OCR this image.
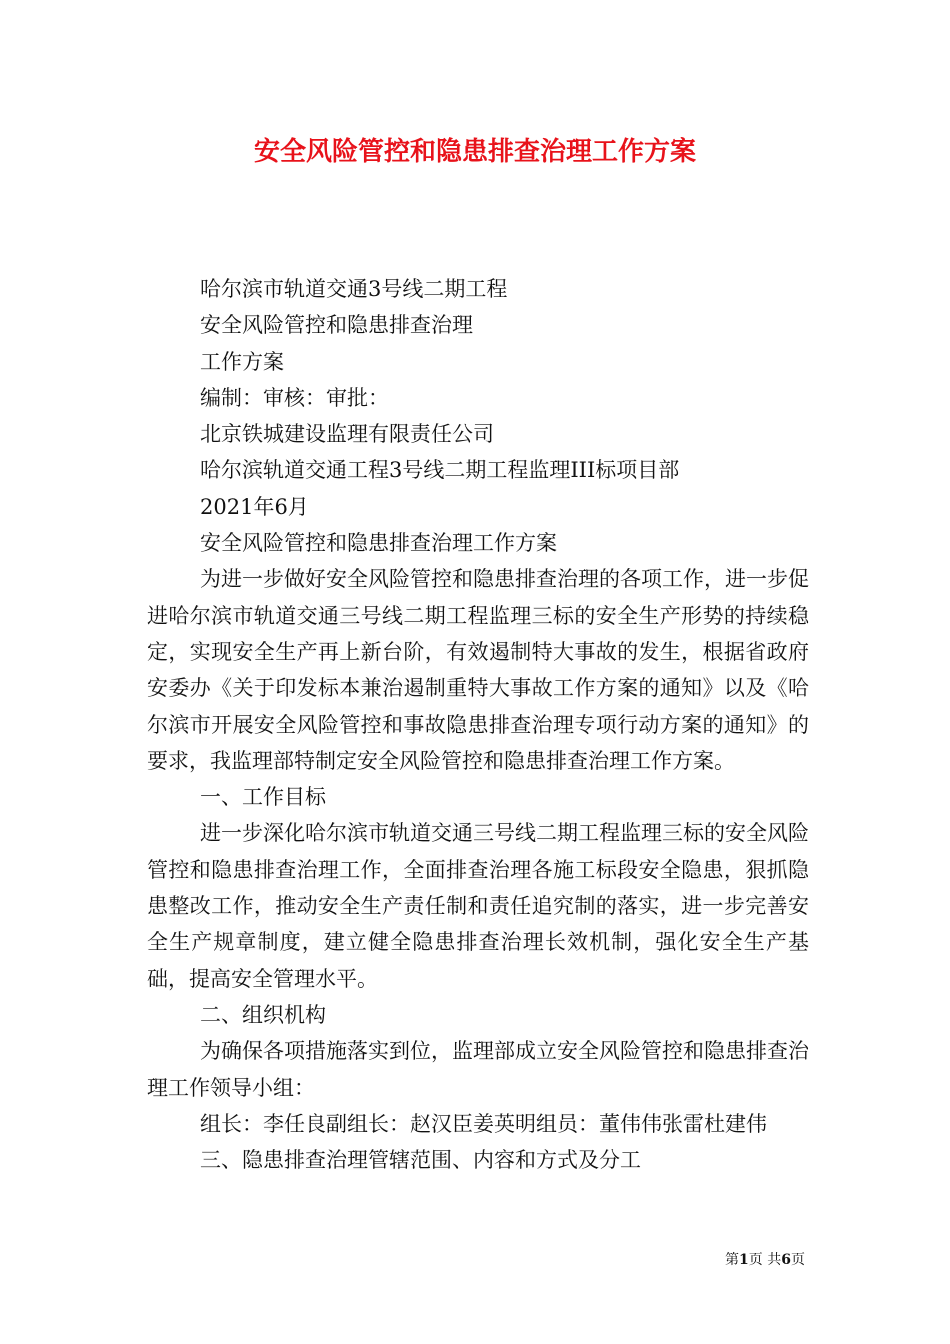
安全风险管控和隐患排查治理工作方案

哈尔滨市轨道交通3号线二期工程

安全风险管控和隐患排查治理

工作方案

编制：审核：审批：

北京铁城建设监理有限责任公司

哈尔滨轨道交通工程3号线二期工程监理III标项目部

2021年6月

安全风险管控和隐患排查治理工作方案

为进一步做好安全风险管控和隐患排查治理的各项工作，进一步促进哈尔滨市轨道交通三号线二期工程监理三标的安全生产形势的持续稳定，实现安全生产再上新台阶，有效遏制特大事故的发生，根据省政府安委办《关于印发标本兼治遏制重特大事故工作方案的通知》以及《哈尔滨市开展安全风险管控和事故隐患排查治理专项行动方案的通知》的要求，我监理部特制定安全风险管控和隐患排查治理工作方案。

一、工作目标

进一步深化哈尔滨市轨道交通三号线二期工程监理三标的安全风险管控和隐患排查治理工作，全面排查治理各施工标段安全隐患，狠抓隐患整改工作，推动安全生产责任制和责任追究制的落实，进一步完善安全生产规章制度，建立健全隐患排查治理长效机制，强化安全生产基础，提高安全管理水平。

二、组织机构

为确保各项措施落实到位，监理部成立安全风险管控和隐患排查治理工作领导小组：

组长：李任良副组长：赵汉臣姜英明组员：董伟伟张雷杜建伟

三、隐患排查治理管辖范围、内容和方式及分工

第1页 共6页
